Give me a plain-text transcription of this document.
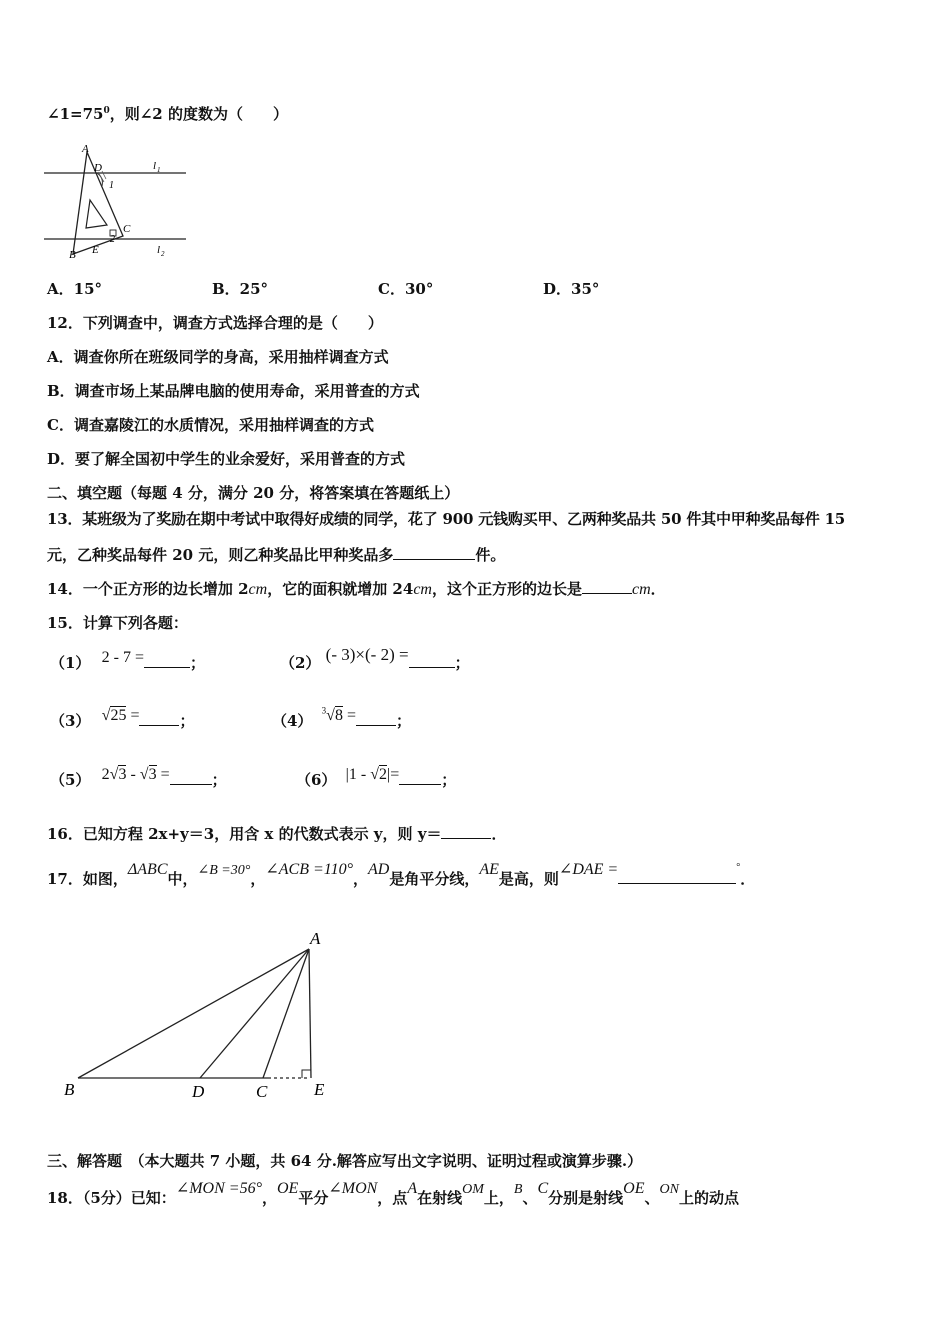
$\angle 1=75^0$，则∠2 的度数为（　　）
A
D
1
l 1
C
2
B E	l 2
A．15°	B．25°	C．30°	D．35°
12．下列调查中，调查方式选择合理的是（　　）
A．调查你所在班级同学的身高，采用抽样调查方式
B．调查市场上某品牌电脑的使用寿命，采用普查的方式
C．调查嘉陵江的水质情况，采用抽样调查的方式
D．要了解全国初中学生的业余爱好，采用普查的方式
二、填空题（每题 4 分，满分 20 分，将答案填在答题纸上）
13．某班级为了奖励在期中考试中取得好成绩的同学，花了 900 元钱购买甲、乙两种奖品共 50 件其中甲种奖品每件 15
元，乙种奖品每件 20 元，则乙种奖品比甲种奖品多	件。
14．一个正方形的边长增加 2cm，它的面积就增加 24cm，这个正方形的边长是	cm．
15．计算下列各题：
（1） 2 - 7 =	；	（2） (- 3)×(- 2) =	；
（3） √25 =	；	（4） $^3$√8 =	；
（5） 2√3 - √3 =	；	（6） |1 - √2|=	；
16．已知方程 2x+y＝3，用含 x 的代数式表示 y，则 y＝	．
17．如图，ΔABC中，∠B =30°，∠ACB =110°，AD是角平分线，AE是高，则∠DAE =	°．
A
B	D	C	E
三、解答题　（本大题共 7 小题，共 64 分.解答应写出文字说明、证明过程或演算步骤.）
18．（5分）已知：∠MON =56°，OE平分∠MON，点A在射线OM上，B、C分别是射线OE、ON上的动点
